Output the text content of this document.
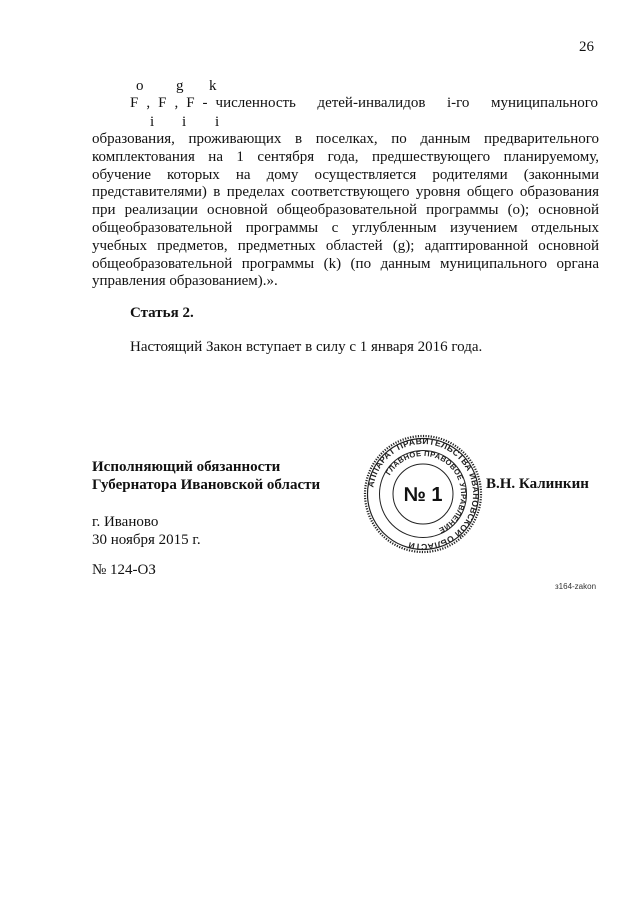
26
o g k
F , F , F - численность детей-инвалидов i-го муниципального
i i i
образования, проживающих в поселках, по данным предварительного
комплектования на 1 сентября года, предшествующего планируемому,
обучение которых на дому осуществляется родителями (законными
представителями) в пределах соответствующего уровня общего образования
при реализации основной общеобразовательной программы (о); основной
общеобразовательной программы с углубленным изучением отдельных
учебных предметов, предметных областей (g); адаптированной основной
общеобразовательной программы (k) (по данным муниципального органа
управления образованием).».
Статья 2.
Настоящий Закон вступает в силу с 1 января 2016 года.
Исполняющий обязанности
Губернатора Ивановской области	АППАРАТ ПРАВИТЕЛЬСТВА ИВАНОВСКОЙ ОБЛАСТИ
ГЛАВНОЕ ПРАВОВОЕ УПРАВЛЕНИЕ
№ 1	В.Н. Калинкин
г. Иваново
30 ноября 2015 г.
№ 124-ОЗ
з164-zakon
